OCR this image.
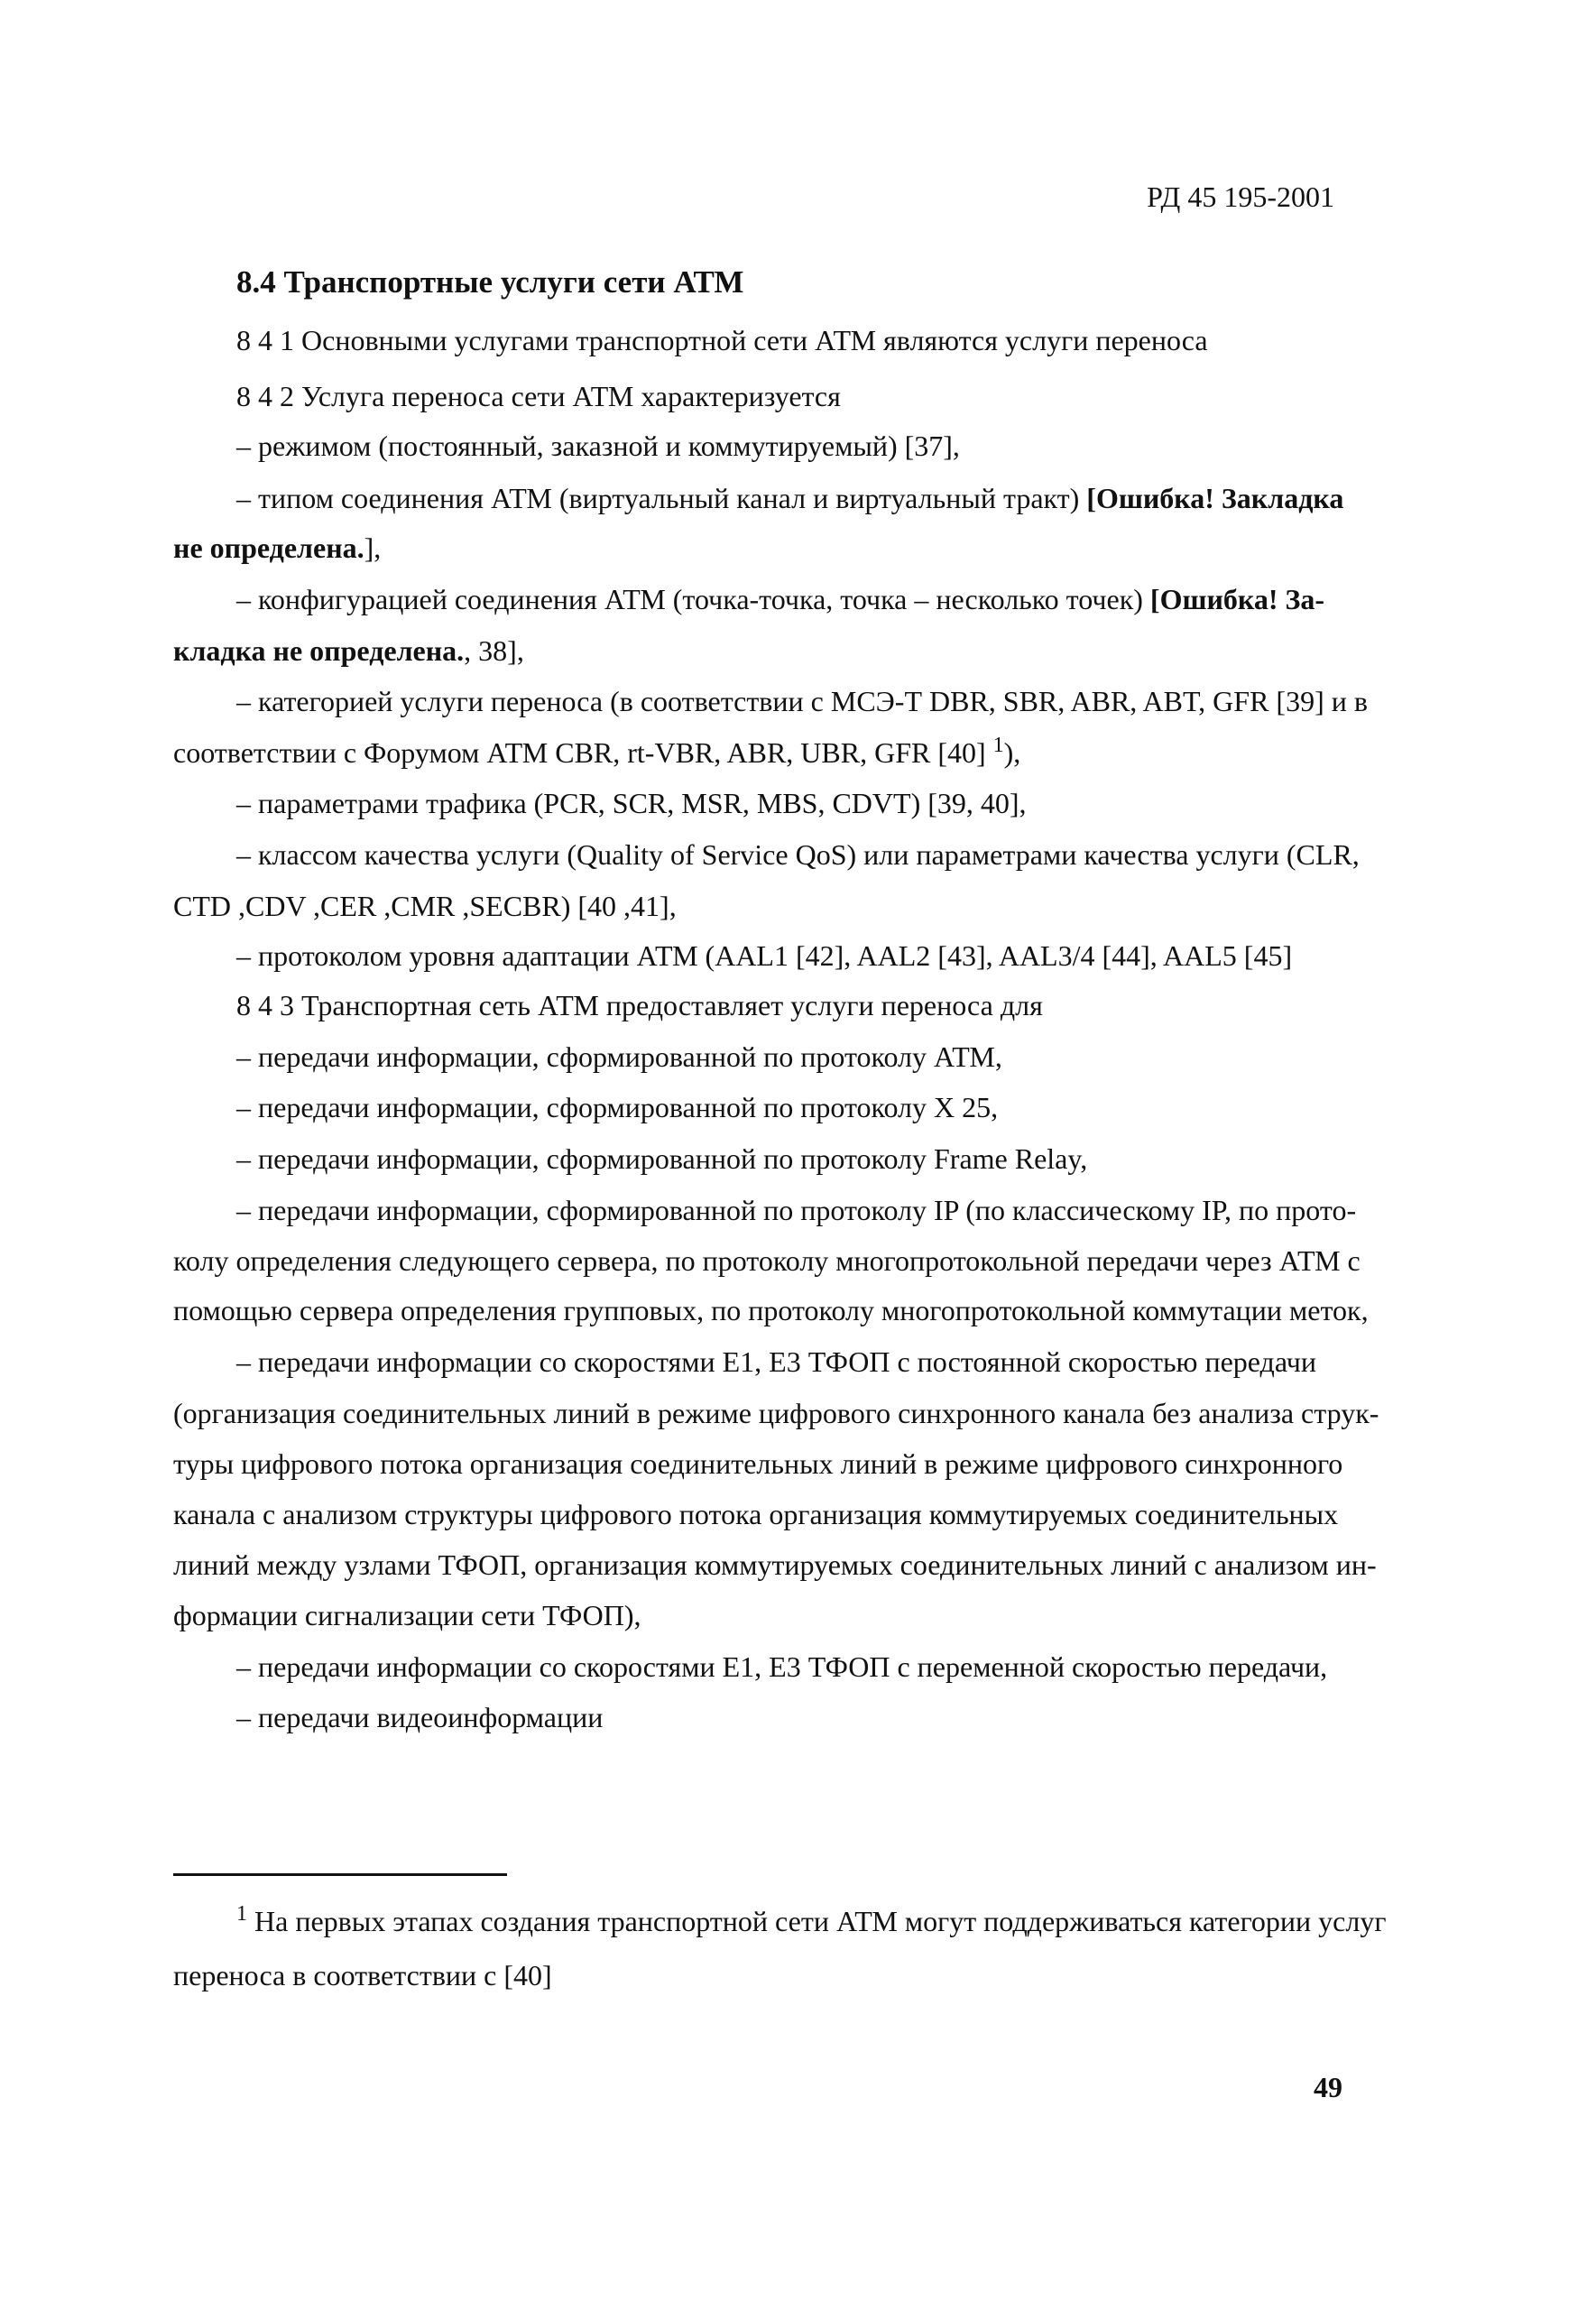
РД 45 195-2001
8.4 Транспортные услуги сети АТМ
8 4 1 Основными услугами транспортной сети АТМ являются услуги переноса
8 4 2 Услуга переноса сети АТМ характеризуется
– режимом (постоянный, заказной и коммутируемый) [37],
– типом соединения АТМ (виртуальный канал и виртуальный тракт) [Ошибка! Закладка
не определена.],
– конфигурацией соединения АТМ (точка-точка, точка – несколько точек) [Ошибка! За-
кладка не определена., 38],
– категорией услуги переноса (в соответствии с МСЭ-Т DBR, SBR, ABR, ABT, GFR [39] и в
соответствии с Форумом АТМ CBR, rt-VBR, ABR, UBR, GFR [40] $^1$),
– параметрами трафика (PCR, SCR, MSR, MBS, CDVT) [39, 40],
– классом качества услуги (Quality of Service QoS) или параметрами качества услуги (CLR,
CTD ,CDV ,CER ,CMR ,SECBR) [40 ,41],
– протоколом уровня адаптации АТМ (AAL1 [42], AAL2 [43], AAL3/4 [44], AAL5 [45]
8 4 3 Транспортная сеть АТМ предоставляет услуги переноса для
– передачи информации, сформированной по протоколу АТМ,
– передачи информации, сформированной по протоколу X 25,
– передачи информации, сформированной по протоколу Frame Relay,
– передачи информации, сформированной по протоколу IP (по классическому IP, по прото-
колу определения следующего сервера, по протоколу многопротокольной передачи через АТМ с
помощью сервера определения групповых, по протоколу многопротокольной коммутации меток,
– передачи информации со скоростями Е1, Е3 ТФОП с постоянной скоростью передачи
(организация соединительных линий в режиме цифрового синхронного канала без анализа струк-
туры цифрового потока организация соединительных линий в режиме цифрового синхронного
канала с анализом структуры цифрового потока организация коммутируемых соединительных
линий между узлами ТФОП, организация коммутируемых соединительных линий с анализом ин-
формации сигнализации сети ТФОП),
– передачи информации со скоростями Е1, Е3 ТФОП с переменной скоростью передачи,
– передачи видеоинформации
$^1$ На первых этапах создания транспортной сети АТМ могут поддерживаться категории услуг
переноса в соответствии с [40]
49
